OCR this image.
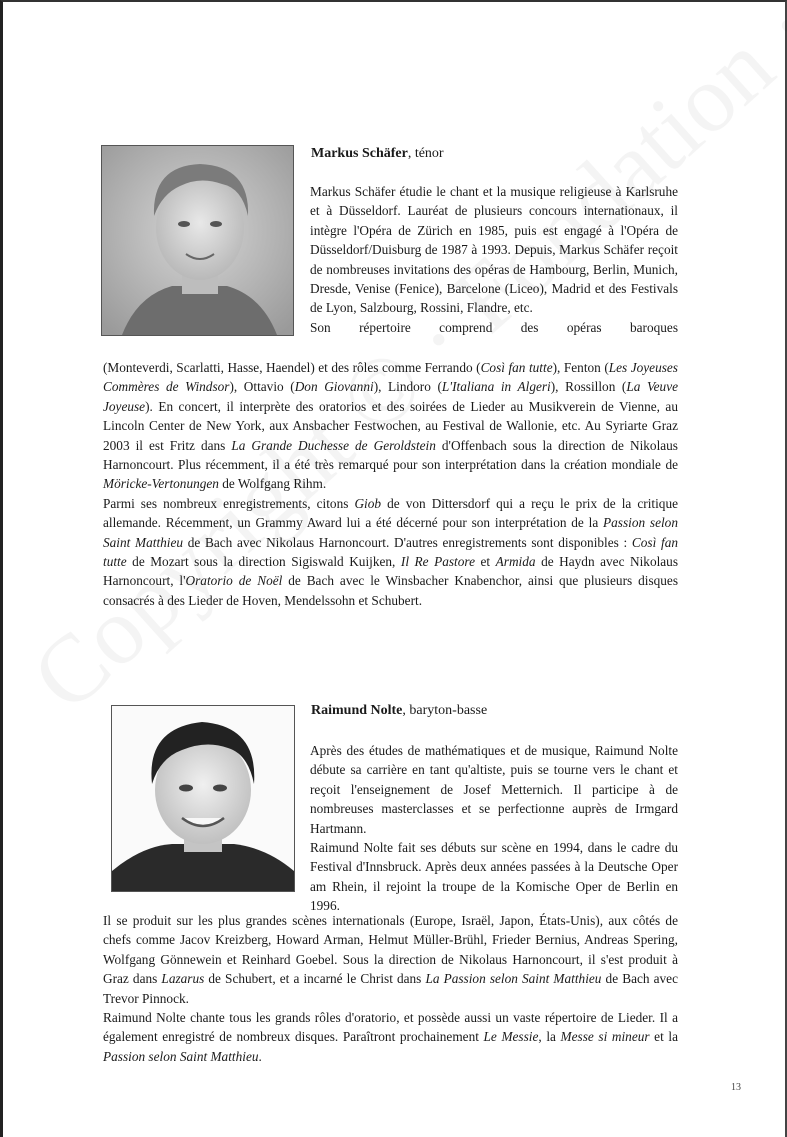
Markus Schäfer, ténor

Markus Schäfer étudie le chant et la musique religieuse à Karlsruhe et à Düsseldorf. Lauréat de plusieurs concours internationaux, il intègre l'Opéra de Zürich en 1985, puis est engagé à l'Opéra de Düsseldorf/Duisburg de 1987 à 1993. Depuis, Markus Schäfer reçoit de nombreuses invitations des opéras de Hambourg, Berlin, Munich, Dresde, Venise (Fenice), Barcelone (Liceo), Madrid et des Festivals de Lyon, Salzbourg, Rossini, Flandre, etc.

Son répertoire comprend des opéras baroques

(Monteverdi, Scarlatti, Hasse, Haendel) et des rôles comme Ferrando (Così fan tutte), Fenton (Les Joyeuses Commères de Windsor), Ottavio (Don Giovanni), Lindoro (L'Italiana in Algeri), Rossillon (La Veuve Joyeuse). En concert, il interprète des oratorios et des soirées de Lieder au Musikverein de Vienne, au Lincoln Center de New York, aux Ansbacher Festwochen, au Festival de Wallonie, etc. Au Syriarte Graz 2003 il est Fritz dans La Grande Duchesse de Geroldstein d'Offenbach sous la direction de Nikolaus Harnoncourt. Plus récemment, il a été très remarqué pour son interprétation dans la création mondiale de Möricke-Vertonungen de Wolfgang Rihm.

Parmi ses nombreux enregistrements, citons Giob de von Dittersdorf qui a reçu le prix de la critique allemande. Récemment, un Grammy Award lui a été décerné pour son interprétation de la Passion selon Saint Matthieu de Bach avec Nikolaus Harnoncourt. D'autres enregistrements sont disponibles : Così fan tutte de Mozart sous la direction Sigiswald Kuijken, Il Re Pastore et Armida de Haydn avec Nikolaus Harnoncourt, l'Oratorio de Noël de Bach avec le Winsbacher Knabenchor, ainsi que plusieurs disques consacrés à des Lieder de Hoven, Mendelssohn et Schubert.

Raimund Nolte, baryton-basse

Après des études de mathématiques et de musique, Raimund Nolte débute sa carrière en tant qu'altiste, puis se tourne vers le chant et reçoit l'enseignement de Josef Metternich. Il participe à de nombreuses masterclasses et se perfectionne auprès de Irmgard Hartmann.

Raimund Nolte fait ses débuts sur scène en 1994, dans le cadre du Festival d'Innsbruck. Après deux années passées à la Deutsche Oper am Rhein, il rejoint la troupe de la Komische Oper de Berlin en 1996.

Il se produit sur les plus grandes scènes internationals (Europe, Israël, Japon, États-Unis), aux côtés de chefs comme Jacov Kreizberg, Howard Arman, Helmut Müller-Brühl, Frieder Bernius, Andreas Spering, Wolfgang Gönnewein et Reinhard Goebel. Sous la direction de Nikolaus Harnoncourt, il s'est produit à Graz dans Lazarus de Schubert, et a incarné le Christ dans La Passion selon Saint Matthieu de Bach avec Trevor Pinnock.

Raimund Nolte chante tous les grands rôles d'oratorio, et possède aussi un vaste répertoire de Lieder. Il a également enregistré de nombreux disques. Paraîtront prochainement Le Messie, la Messe si mineur et la Passion selon Saint Matthieu.

13
